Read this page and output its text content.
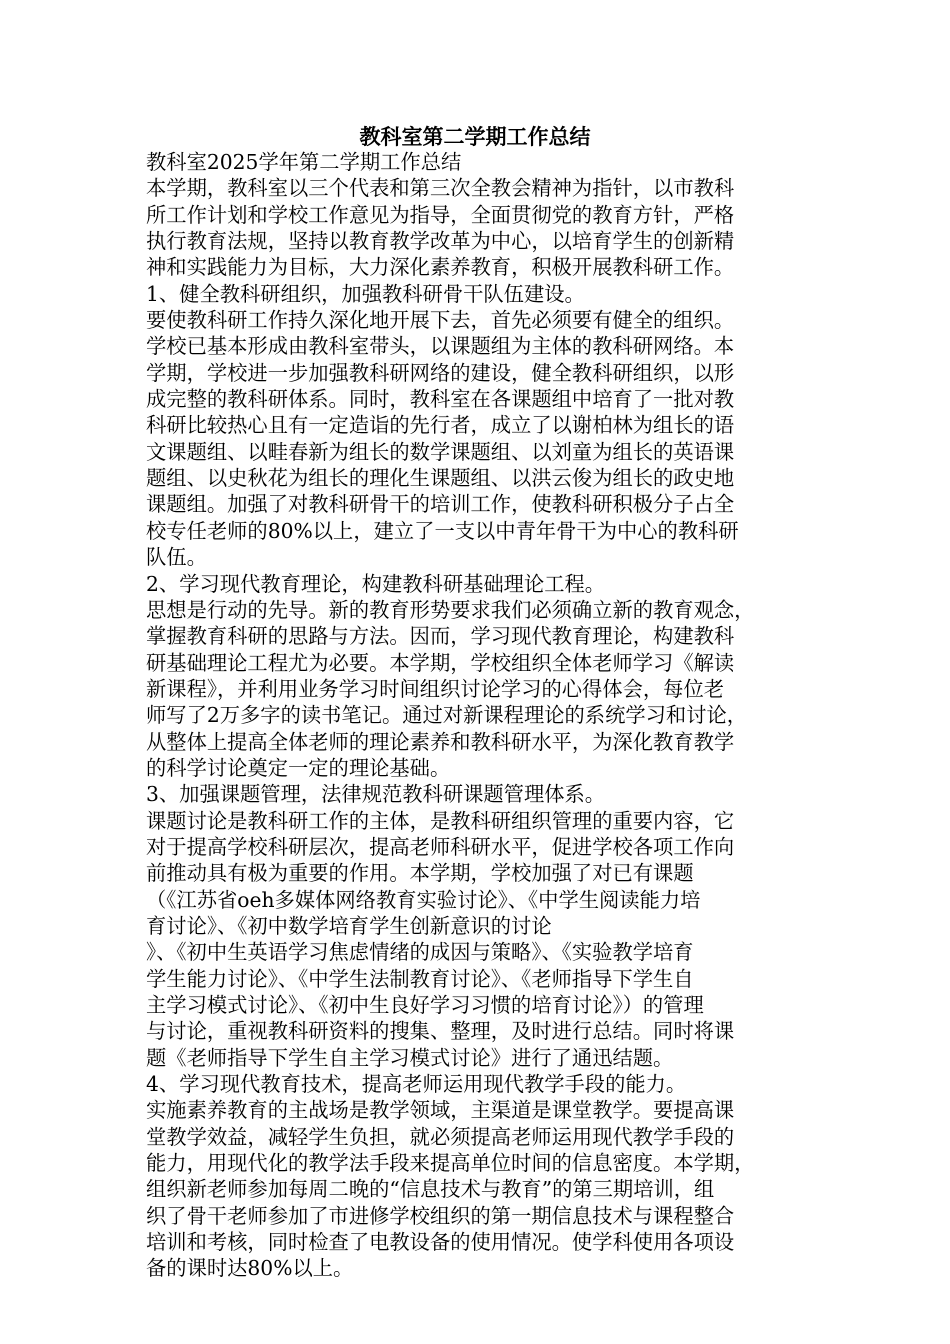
教科室第二学期工作总结
教科室2025学年第二学期工作总结
本学期，教科室以三个代表和第三次全教会精神为指针，以市教科
所工作计划和学校工作意见为指导，全面贯彻党的教育方针，严格
执行教育法规，坚持以教育教学改革为中心，以培育学生的创新精
神和实践能力为目标，大力深化素养教育，积极开展教科研工作。
1、健全教科研组织，加强教科研骨干队伍建设。
要使教科研工作持久深化地开展下去，首先必须要有健全的组织。
学校已基本形成由教科室带头，以课题组为主体的教科研网络。本
学期，学校进一步加强教科研网络的建设，健全教科研组织，以形
成完整的教科研体系。同时，教科室在各课题组中培育了一批对教
科研比较热心且有一定造诣的先行者，成立了以谢柏林为组长的语
文课题组、以畦春新为组长的数学课题组、以刘童为组长的英语课
题组、以史秋花为组长的理化生课题组、以洪云俊为组长的政史地
课题组。加强了对教科研骨干的培训工作，使教科研积极分子占全
校专任老师的80%以上，建立了一支以中青年骨干为中心的教科研
队伍。
2、学习现代教育理论，构建教科研基础理论工程。
思想是行动的先导。新的教育形势要求我们必须确立新的教育观念，
掌握教育科研的思路与方法。因而，学习现代教育理论，构建教科
研基础理论工程尤为必要。本学期，学校组织全体老师学习《解读
新课程》，并利用业务学习时间组织讨论学习的心得体会，每位老
师写了2万多字的读书笔记。通过对新课程理论的系统学习和讨论，
从整体上提高全体老师的理论素养和教科研水平，为深化教育教学
的科学讨论奠定一定的理论基础。
3、加强课题管理，法律规范教科研课题管理体系。
课题讨论是教科研工作的主体，是教科研组织管理的重要内容，它
对于提高学校科研层次，提高老师科研水平，促进学校各项工作向
前推动具有极为重要的作用。本学期，学校加强了对已有课题
（《江苏省oeh多媒体网络教育实验讨论》、《中学生阅读能力培
育讨论》、《初中数学培育学生创新意识的讨论
》、《初中生英语学习焦虑情绪的成因与策略》、《实验教学培育
学生能力讨论》、《中学生法制教育讨论》、《老师指导下学生自
主学习模式讨论》、《初中生良好学习习惯的培育讨论》）的管理
与讨论，重视教科研资料的搜集、整理，及时进行总结。同时将课
题《老师指导下学生自主学习模式讨论》进行了通迅结题。
4、学习现代教育技术，提高老师运用现代教学手段的能力。
实施素养教育的主战场是教学领域，主渠道是课堂教学。要提高课
堂教学效益，减轻学生负担，就必须提高老师运用现代教学手段的
能力，用现代化的教学法手段来提高单位时间的信息密度。本学期，
组织新老师参加每周二晚的“信息技术与教育”的第三期培训，组
织了骨干老师参加了市进修学校组织的第一期信息技术与课程整合
培训和考核，同时检查了电教设备的使用情况。使学科使用各项设
备的课时达80%以上。
